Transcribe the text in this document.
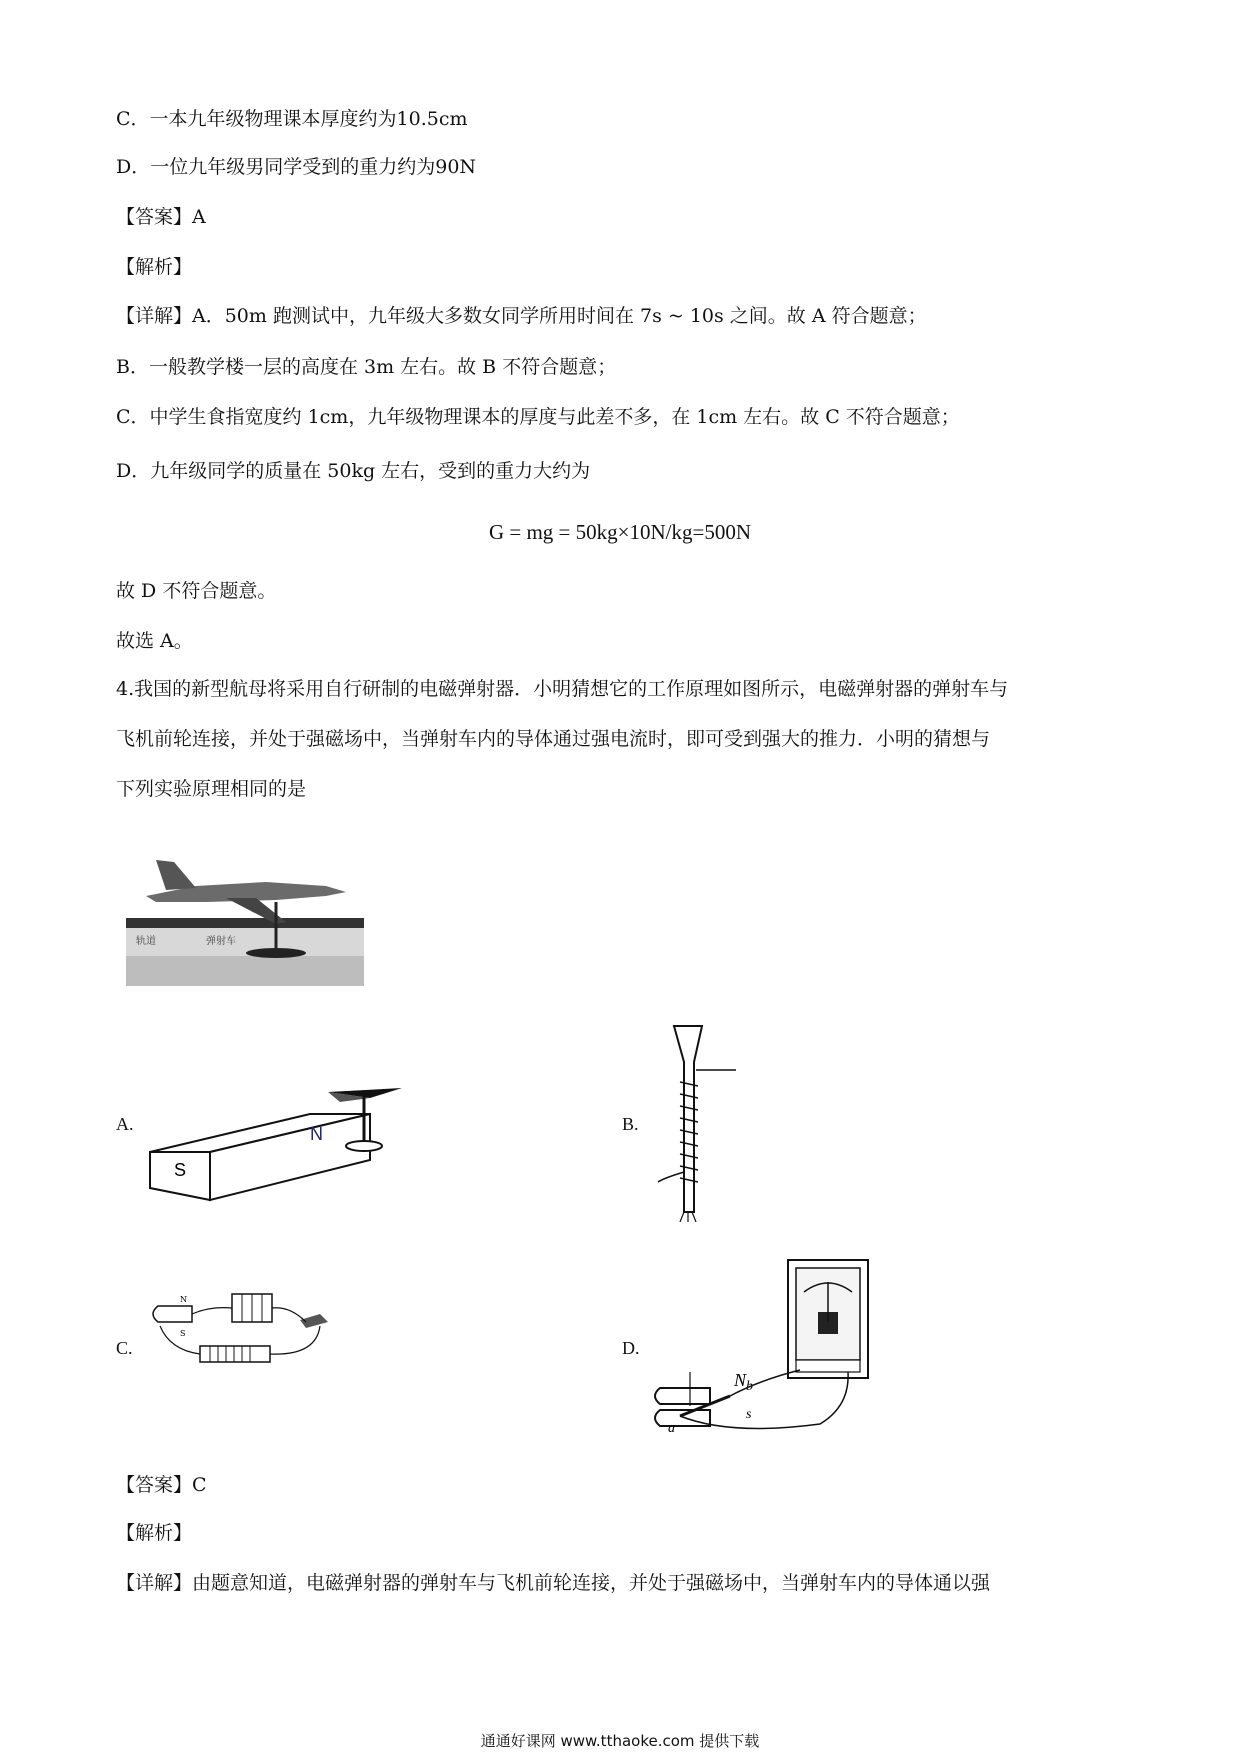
C．一本九年级物理课本厚度约为10.5cm
D．一位九年级男同学受到的重力约为90N
【答案】A
【解析】
【详解】A．50m 跑测试中，九年级大多数女同学所用时间在 7s ~ 10s 之间。故 A 符合题意；
B．一般教学楼一层的高度在 3m 左右。故 B 不符合题意；
C．中学生食指宽度约 1cm，九年级物理课本的厚度与此差不多，在 1cm 左右。故 C 不符合题意；
D．九年级同学的质量在 50kg 左右，受到的重力大约为
G = mg = 50kg×10N/kg=500N
故 D 不符合题意。
故选 A。
4.我国的新型航母将采用自行研制的电磁弹射器．小明猜想它的工作原理如图所示，电磁弹射器的弹射车与
飞机前轮连接，并处于强磁场中，当弹射车内的导体通过强电流时，即可受到强大的推力．小明的猜想与
下列实验原理相同的是
轨道	弹射车
A.
S
N	B.
C.
N
S
D.
N b
s
a
【答案】C
【解析】
【详解】由题意知道，电磁弹射器的弹射车与飞机前轮连接，并处于强磁场中，当弹射车内的导体通以强
通通好课网 www.tthaoke.com 提供下载
